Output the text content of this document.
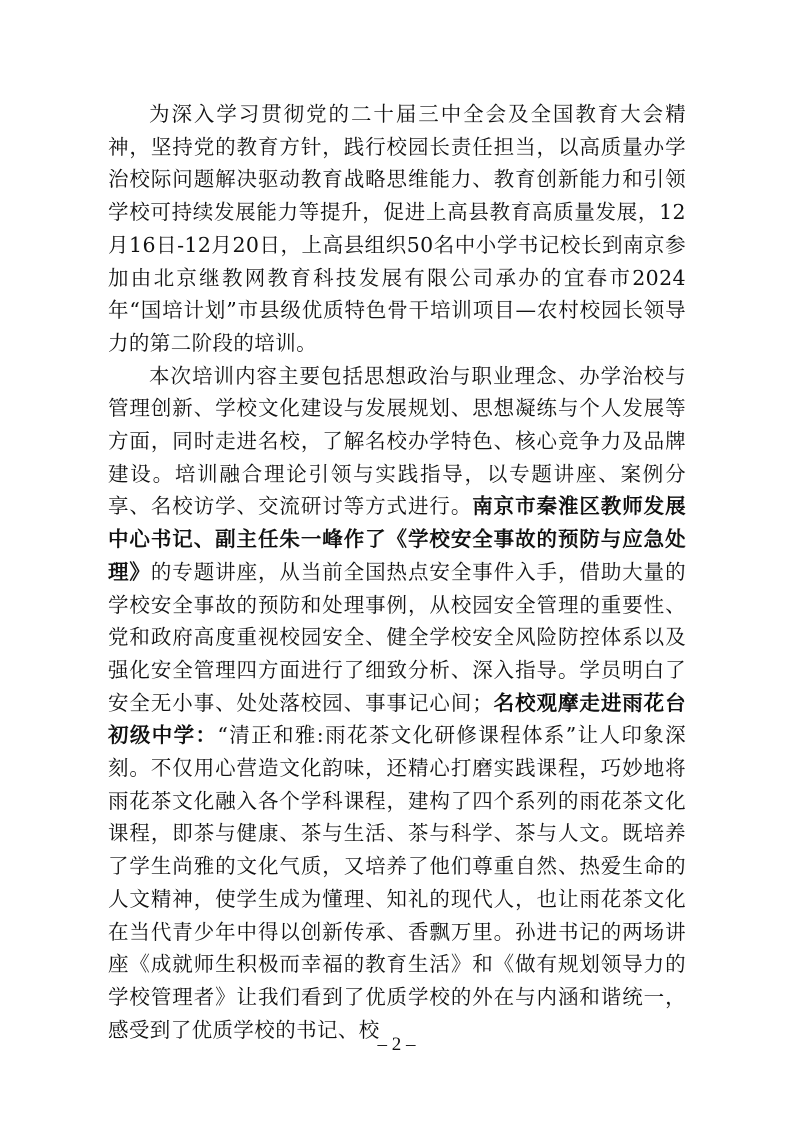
为深入学习贯彻党的二十届三中全会及全国教育大会精神，坚持党的教育方针，践行校园长责任担当，以高质量办学治校际问题解决驱动教育战略思维能力、教育创新能力和引领学校可持续发展能力等提升，促进上高县教育高质量发展，12月16日-12月20日，上高县组织50名中小学书记校长到南京参加由北京继教网教育科技发展有限公司承办的宜春市2024年“国培计划”市县级优质特色骨干培训项目—农村校园长领导力的第二阶段的培训。

本次培训内容主要包括思想政治与职业理念、办学治校与管理创新、学校文化建设与发展规划、思想凝练与个人发展等方面，同时走进名校，了解名校办学特色、核心竞争力及品牌建设。培训融合理论引领与实践指导，以专题讲座、案例分享、名校访学、交流研讨等方式进行。南京市秦淮区教师发展中心书记、副主任朱一峰作了《学校安全事故的预防与应急处理》的专题讲座，从当前全国热点安全事件入手，借助大量的学校安全事故的预防和处理事例，从校园安全管理的重要性、党和政府高度重视校园安全、健全学校安全风险防控体系以及强化安全管理四方面进行了细致分析、深入指导。学员明白了安全无小事、处处落校园、事事记心间；名校观摩走进雨花台初级中学：“清正和雅:雨花茶文化研修课程体系”让人印象深刻。不仅用心营造文化韵味，还精心打磨实践课程，巧妙地将雨花茶文化融入各个学科课程，建构了四个系列的雨花茶文化课程，即茶与健康、茶与生活、茶与科学、茶与人文。既培养了学生尚雅的文化气质，又培养了他们尊重自然、热爱生命的人文精神，使学生成为懂理、知礼的现代人，也让雨花茶文化在当代青少年中得以创新传承、香飘万里。孙进书记的两场讲座《成就师生积极而幸福的教育生活》和《做有规划领导力的学校管理者》让我们看到了优质学校的外在与内涵和谐统一，感受到了优质学校的书记、校

– 2 –
